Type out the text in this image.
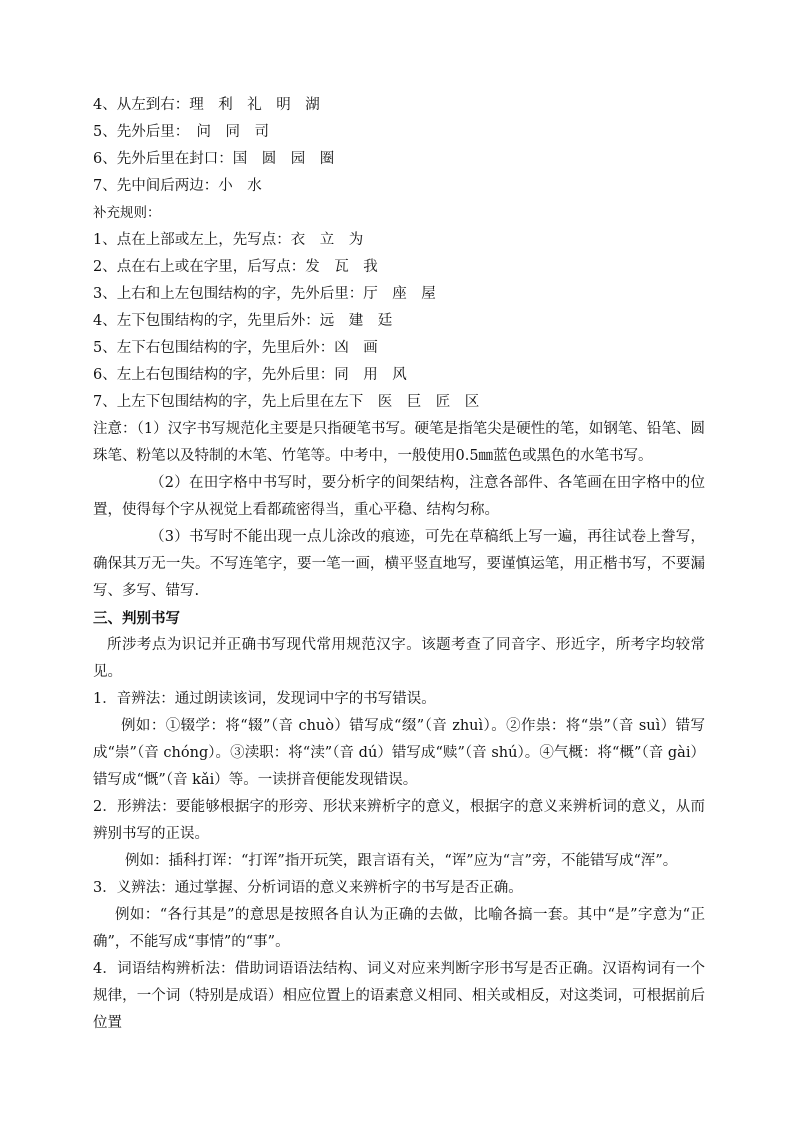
4、从左到右：理　利　礼　明　湖
5、先外后里：　问　同　司
6、先外后里在封口：国　圆　园　圈
7、先中间后两边：小　水
补充规则：
1、点在上部或左上，先写点：衣　立　为
2、点在右上或在字里，后写点：发　瓦　我
3、上右和上左包围结构的字，先外后里：厅　座　屋
4、左下包围结构的字，先里后外：远　建　廷
5、左下右包围结构的字，先里后外：凶　画
6、左上右包围结构的字，先外后里：同　用　风
7、上左下包围结构的字，先上后里在左下　医　巨　匠　区
注意：（1）汉字书写规范化主要是只指硬笔书写。硬笔是指笔尖是硬性的笔，如钢笔、铅笔、圆珠笔、粉笔以及特制的木笔、竹笔等。中考中，一般使用0.5㎜蓝色或黑色的水笔书写。
（2）在田字格中书写时，要分析字的间架结构，注意各部件、各笔画在田字格中的位置，使得每个字从视觉上看都疏密得当，重心平稳、结构匀称。
（3）书写时不能出现一点儿涂改的痕迹，可先在草稿纸上写一遍，再往试卷上誊写，确保其万无一失。不写连笔字，要一笔一画，横平竖直地写，要谨慎运笔，用正楷书写，不要漏写、多写、错写.
三、判别书写
所涉考点为识记并正确书写现代常用规范汉字。该题考查了同音字、形近字，所考字均较常见。
1．音辨法：通过朗读该词，发现词中字的书写错误。
例如：①辍学：将“辍”（音 chuò）错写成“缀”（音 zhuì）。②作祟：将“祟”（音 suì）错写成“崇”（音 chóng）。③渎职：将“渎”（音 dú）错写成“赎”（音 shú）。④气概：将“概”（音 gài）错写成“慨”（音 kǎi）等。一读拼音便能发现错误。
2．形辨法：要能够根据字的形旁、形状来辨析字的意义，根据字的意义来辨析词的意义，从而辨别书写的正误。
例如：插科打诨：“打诨”指开玩笑，跟言语有关，“诨”应为“言”旁，不能错写成“浑”。
3．义辨法：通过掌握、分析词语的意义来辨析字的书写是否正确。
例如：“各行其是”的意思是按照各自认为正确的去做，比喻各搞一套。其中“是”字意为“正确”，不能写成“事情”的“事”。
4．词语结构辨析法：借助词语语法结构、词义对应来判断字形书写是否正确。汉语构词有一个规律，一个词（特别是成语）相应位置上的语素意义相同、相关或相反，对这类词，可根据前后位置
